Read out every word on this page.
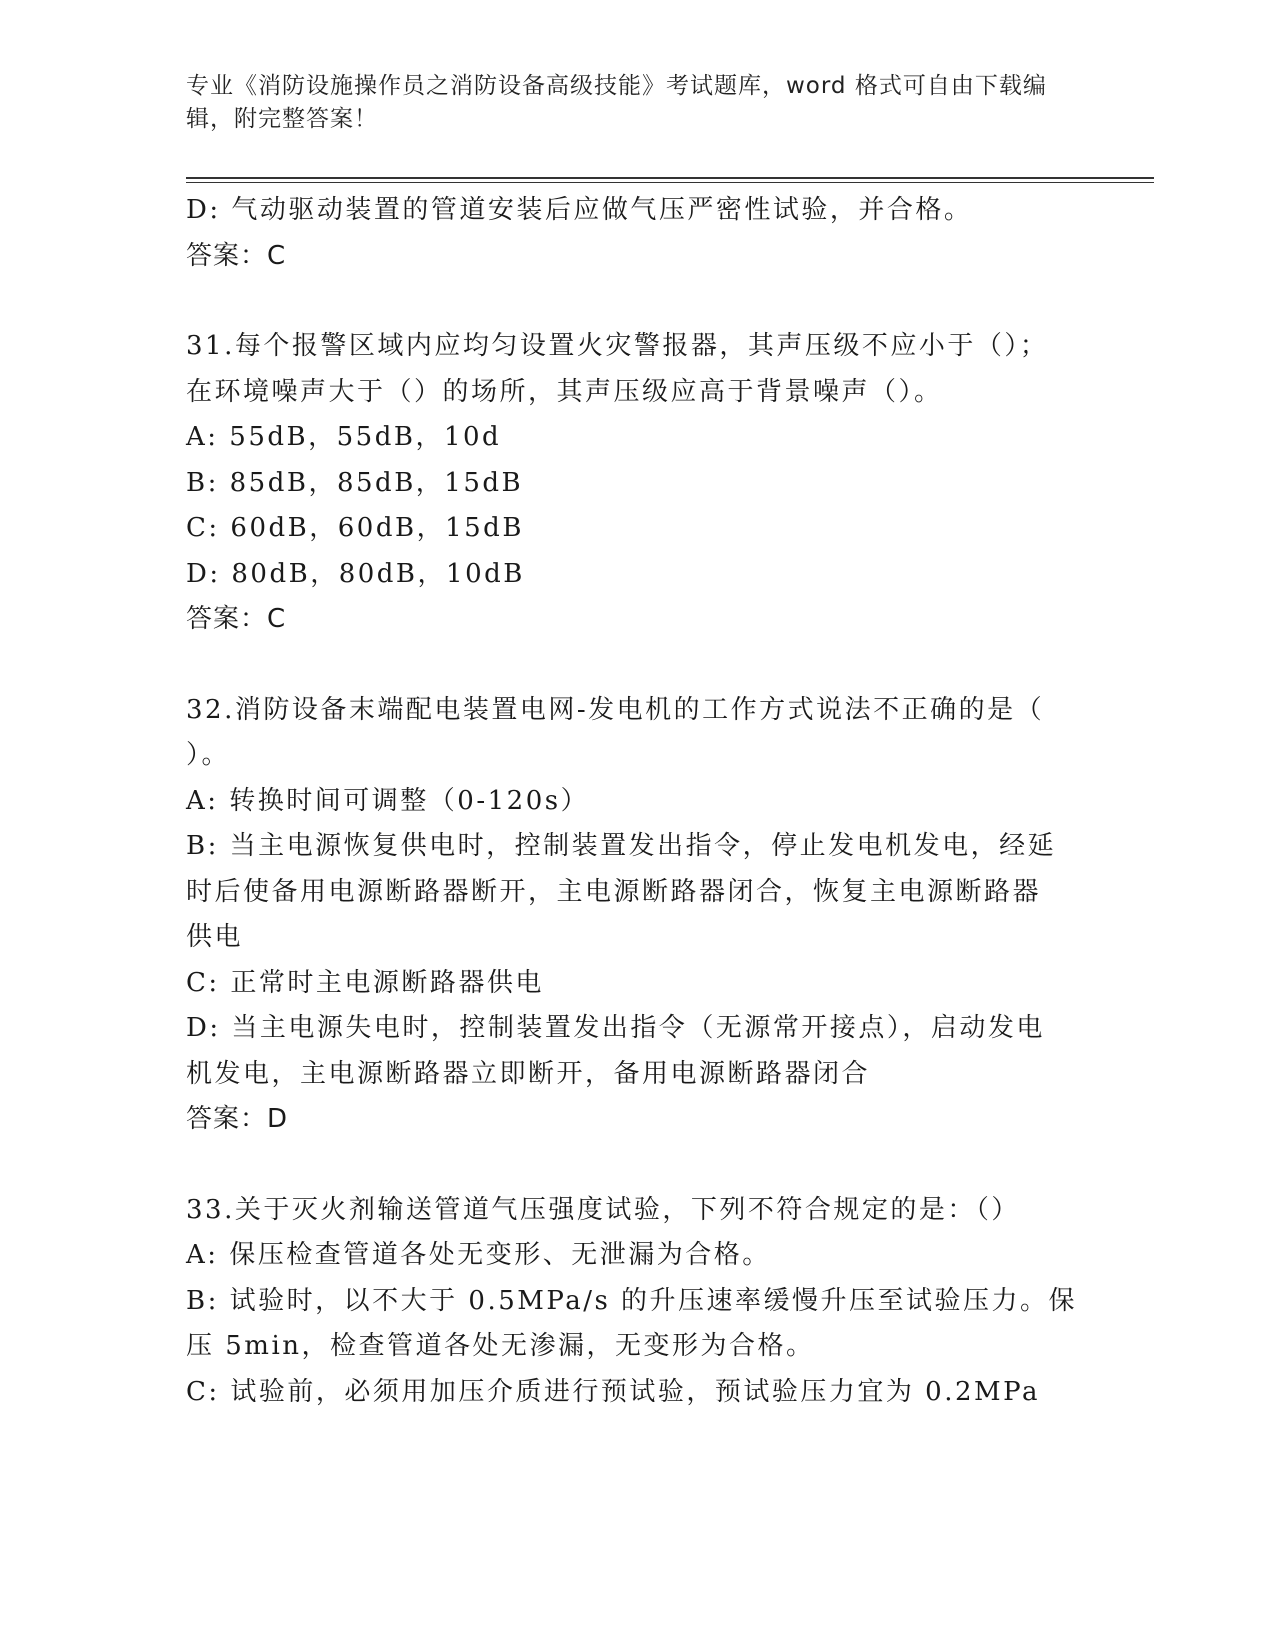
专业《消防设施操作员之消防设备高级技能》考试题库，word 格式可自由下载编
辑，附完整答案！
D: 气动驱动装置的管道安装后应做气压严密性试验，并合格。
答案：C
31.每个报警区域内应均匀设置火灾警报器，其声压级不应小于（）；
在环境噪声大于（）的场所，其声压级应高于背景噪声（）。
A: 55dB，55dB，10d
B: 85dB，85dB，15dB
C: 60dB，60dB，15dB
D: 80dB，80dB，10dB
答案：C
32.消防设备末端配电装置电网-发电机的工作方式说法不正确的是（
）。
A: 转换时间可调整（0-120s）
B: 当主电源恢复供电时，控制装置发出指令，停止发电机发电，经延
时后使备用电源断路器断开，主电源断路器闭合，恢复主电源断路器
供电
C: 正常时主电源断路器供电
D: 当主电源失电时，控制装置发出指令（无源常开接点），启动发电
机发电，主电源断路器立即断开，备用电源断路器闭合
答案：D
33.关于灭火剂输送管道气压强度试验，下列不符合规定的是：（）
A: 保压检查管道各处无变形、无泄漏为合格。
B: 试验时，以不大于 0.5MPa/s 的升压速率缓慢升压至试验压力。保
压 5min，检查管道各处无渗漏，无变形为合格。
C: 试验前，必须用加压介质进行预试验，预试验压力宜为 0.2MPa
